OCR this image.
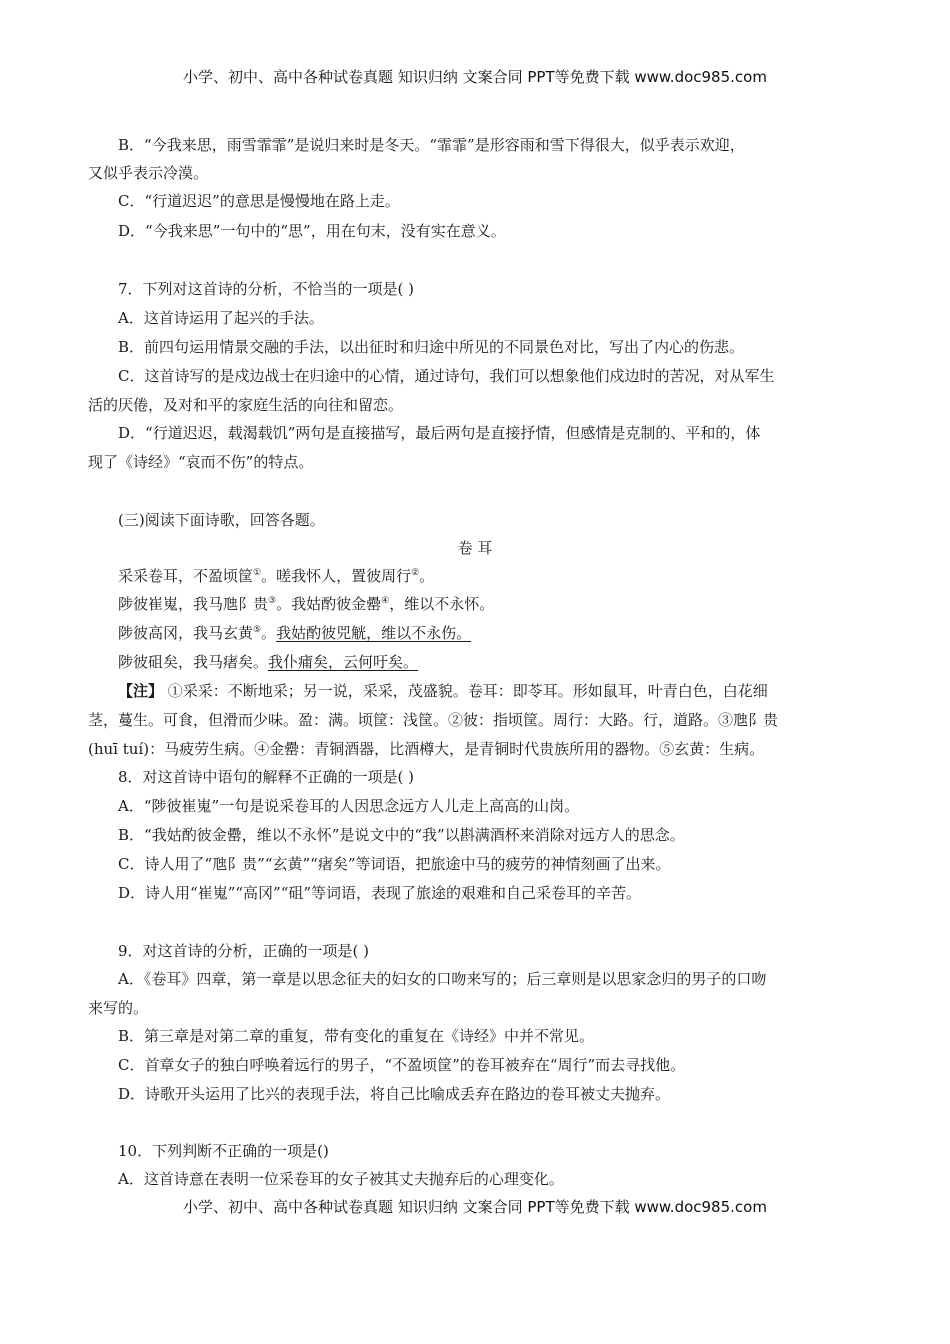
小学、初中、高中各种试卷真题 知识归纳 文案合同 PPT等免费下载 www.doc985.com
B．“今我来思，雨雪霏霏”是说归来时是冬天。“霏霏”是形容雨和雪下得很大，似乎表示欢迎，
又似乎表示冷漠。
C．“行道迟迟”的意思是慢慢地在路上走。
D．“今我来思”一句中的“思”，用在句末，没有实在意义。
7．下列对这首诗的分析，不恰当的一项是( )
A．这首诗运用了起兴的手法。
B．前四句运用情景交融的手法，以出征时和归途中所见的不同景色对比，写出了内心的伤悲。
C．这首诗写的是戍边战士在归途中的心情，通过诗句，我们可以想象他们戍边时的苦况，对从军生
活的厌倦，及对和平的家庭生活的向往和留恋。
D．“行道迟迟，载渴载饥”两句是直接描写，最后两句是直接抒情，但感情是克制的、平和的，体
现了《诗经》“哀而不伤”的特点。
(三)阅读下面诗歌，回答各题。
卷 耳
采采卷耳，不盈顷筐①。嗟我怀人，置彼周行②。
陟彼崔嵬，我马虺阝贵③。我姑酌彼金罍④，维以不永怀。
陟彼高冈，我马玄黄⑤。我姑酌彼兕觥，维以不永伤。
陟彼砠矣，我马瘏矣。我仆痡矣，云何吁矣。
【注】 ①采采：不断地采；另一说，采采，茂盛貌。卷耳：即苓耳。形如鼠耳，叶青白色，白花细
茎，蔓生。可食，但滑而少味。盈：满。顷筐：浅筐。②彼：指顷筐。周行：大路。行，道路。③虺阝贵
(huī tuí)：马疲劳生病。④金罍：青铜酒器，比酒樽大，是青铜时代贵族所用的器物。⑤玄黄：生病。
8．对这首诗中语句的解释不正确的一项是( )
A．“陟彼崔嵬”一句是说采卷耳的人因思念远方人儿走上高高的山岗。
B．“我姑酌彼金罍，维以不永怀”是说文中的“我”以斟满酒杯来消除对远方人的思念。
C．诗人用了“虺阝贵”“玄黄”“瘏矣”等词语，把旅途中马的疲劳的神情刻画了出来。
D．诗人用“崔嵬”“高冈”“砠”等词语，表现了旅途的艰难和自己采卷耳的辛苦。
9．对这首诗的分析，正确的一项是( )
A．《卷耳》四章，第一章是以思念征夫的妇女的口吻来写的；后三章则是以思家念归的男子的口吻
来写的。
B．第三章是对第二章的重复，带有变化的重复在《诗经》中并不常见。
C．首章女子的独白呼唤着远行的男子，“不盈顷筐”的卷耳被弃在“周行”而去寻找他。
D．诗歌开头运用了比兴的表现手法，将自己比喻成丢弃在路边的卷耳被丈夫抛弃。
10．下列判断不正确的一项是()
A．这首诗意在表明一位采卷耳的女子被其丈夫抛弃后的心理变化。
小学、初中、高中各种试卷真题 知识归纳 文案合同 PPT等免费下载 www.doc985.com
